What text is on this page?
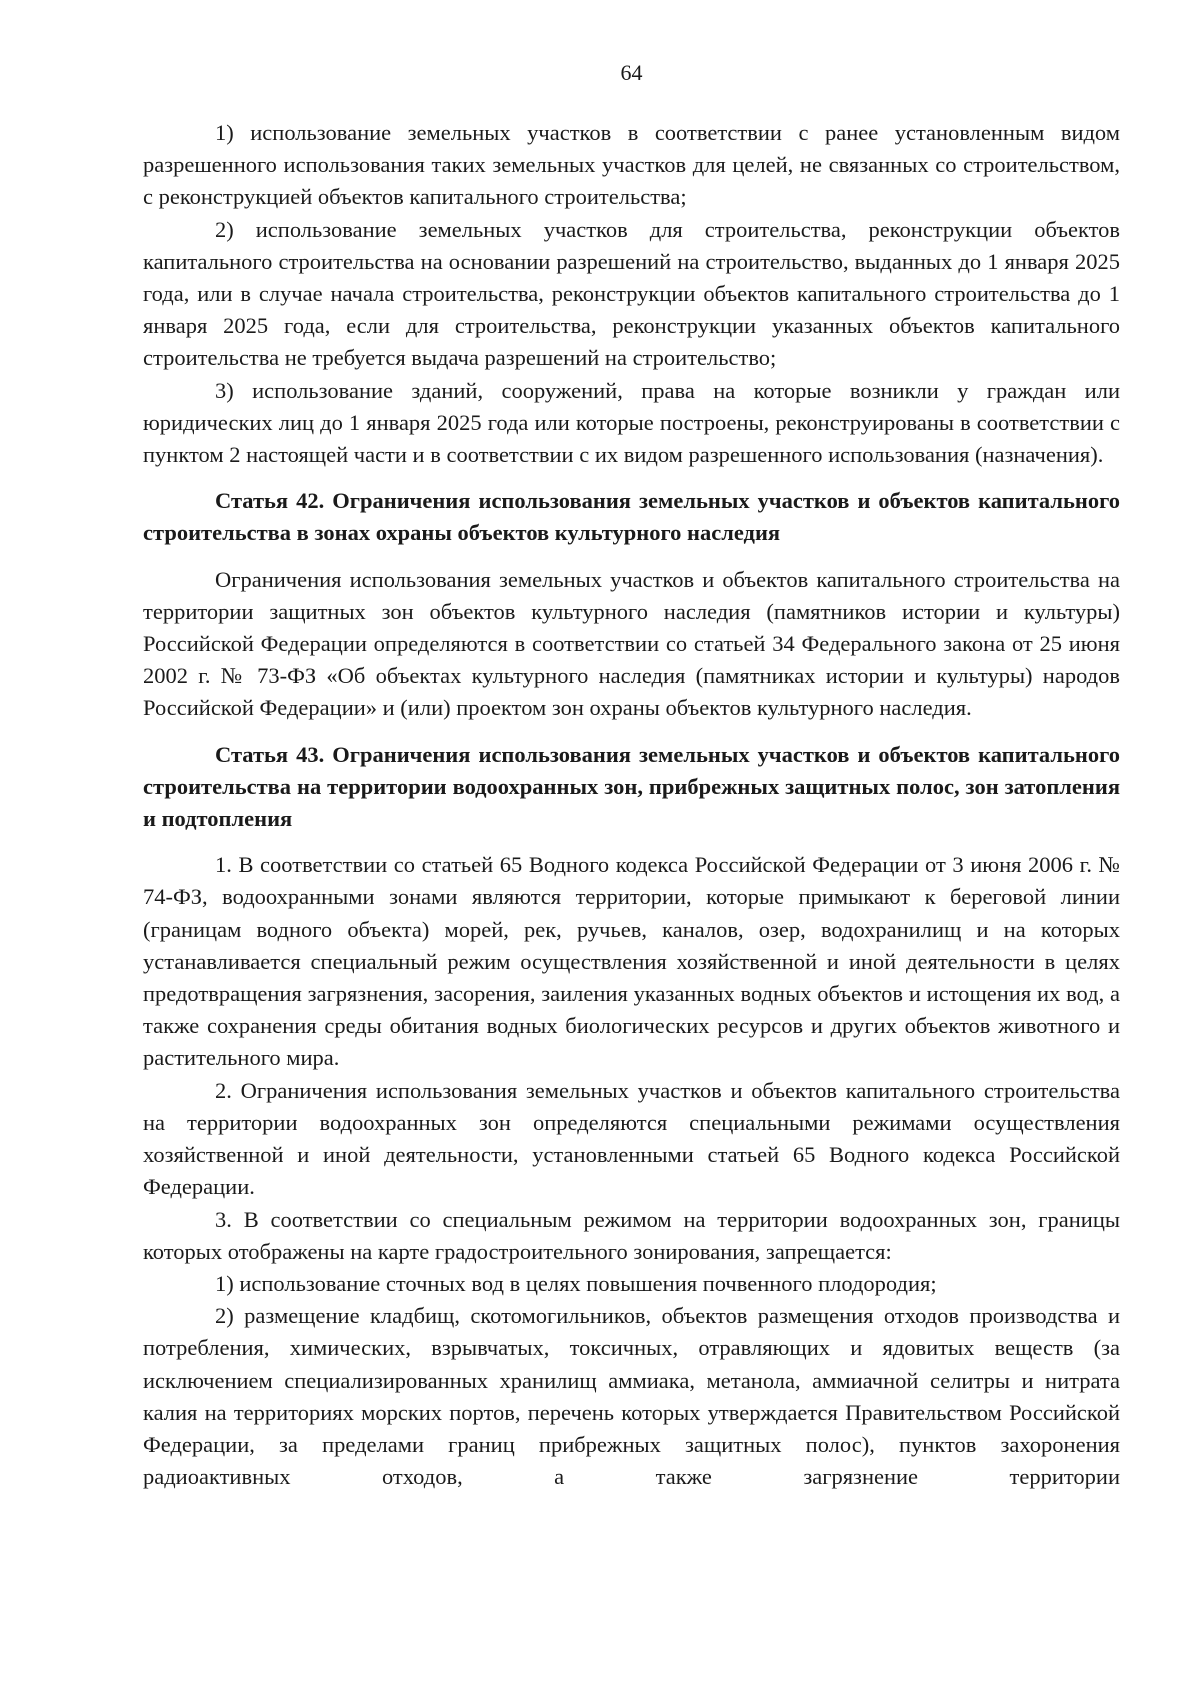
64

1) использование земельных участков в соответствии с ранее установленным видом разрешенного использования таких земельных участков для целей, не связанных со строительством, с реконструкцией объектов капитального строительства;

2) использование земельных участков для строительства, реконструкции объектов капитального строительства на основании разрешений на строительство, выданных до 1 января 2025 года, или в случае начала строительства, реконструкции объектов капитального строительства до 1 января 2025 года, если для строительства, реконструкции указанных объектов капитального строительства не требуется выдача разрешений на строительство;

3) использование зданий, сооружений, права на которые возникли у граждан или юридических лиц до 1 января 2025 года или которые построены, реконструированы в соответствии с пунктом 2 настоящей части и в соответствии с их видом разрешенного использования (назначения).

Статья 42. Ограничения использования земельных участков и объектов капитального строительства в зонах охраны объектов культурного наследия

Ограничения использования земельных участков и объектов капитального строительства на территории защитных зон объектов культурного наследия (памятников истории и культуры) Российской Федерации определяются в соответствии со статьей 34 Федерального закона от 25 июня 2002 г. № 73-ФЗ «Об объектах культурного наследия (памятниках истории и культуры) народов Российской Федерации» и (или) проектом зон охраны объектов культурного наследия.

Статья 43. Ограничения использования земельных участков и объектов капитального строительства на территории водоохранных зон, прибрежных защитных полос, зон затопления и подтопления

1. В соответствии со статьей 65 Водного кодекса Российской Федерации от 3 июня 2006 г. № 74-ФЗ, водоохранными зонами являются территории, которые примыкают к береговой линии (границам водного объекта) морей, рек, ручьев, каналов, озер, водохранилищ и на которых устанавливается специальный режим осуществления хозяйственной и иной деятельности в целях предотвращения загрязнения, засорения, заиления указанных водных объектов и истощения их вод, а также сохранения среды обитания водных биологических ресурсов и других объектов животного и растительного мира.

2. Ограничения использования земельных участков и объектов капитального строительства на территории водоохранных зон определяются специальными режимами осуществления хозяйственной и иной деятельности, установленными статьей 65 Водного кодекса Российской Федерации.

3. В соответствии со специальным режимом на территории водоохранных зон, границы которых отображены на карте градостроительного зонирования, запрещается:

1) использование сточных вод в целях повышения почвенного плодородия;

2) размещение кладбищ, скотомогильников, объектов размещения отходов производства и потребления, химических, взрывчатых, токсичных, отравляющих и ядовитых веществ (за исключением специализированных хранилищ аммиака, метанола, аммиачной селитры и нитрата калия на территориях морских портов, перечень которых утверждается Правительством Российской Федерации, за пределами границ прибрежных защитных полос), пунктов захоронения радиоактивных отходов, а также загрязнение территории
